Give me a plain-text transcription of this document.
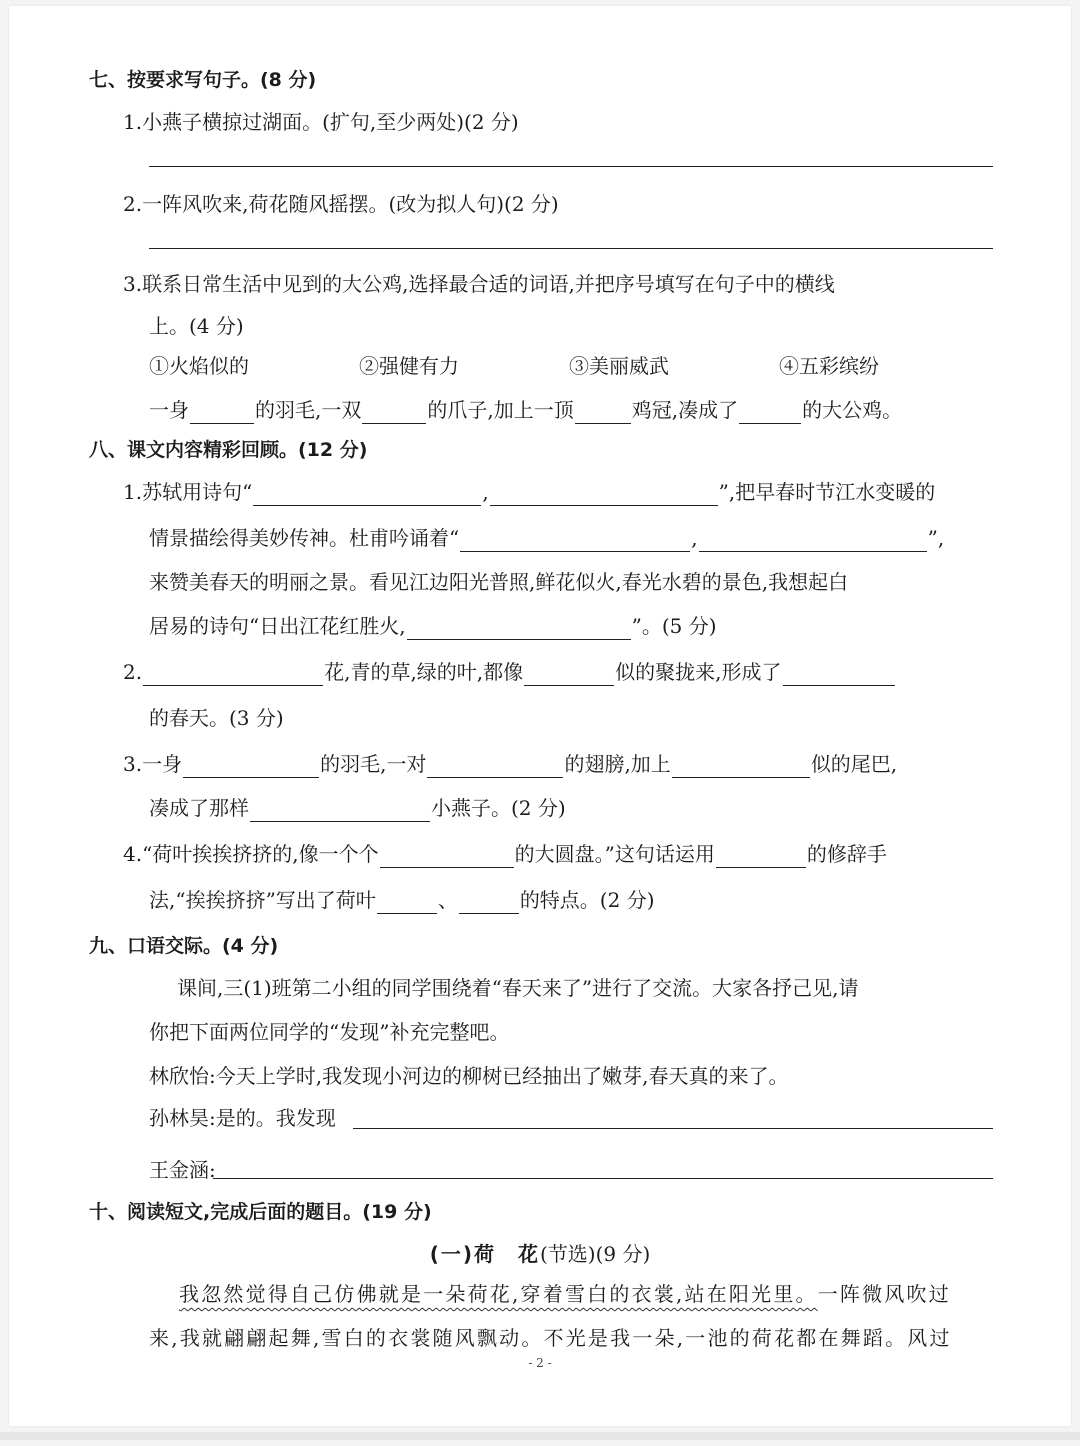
七、按要求写句子。(8 分)
1.小燕子横掠过湖面。(扩句,至少两处)(2 分)
2.一阵风吹来,荷花随风摇摆。(改为拟人句)(2 分)
3.联系日常生活中见到的大公鸡,选择最合适的词语,并把序号填写在句子中的横线
上。(4 分)
①火焰似的	②强健有力	③美丽威武	④五彩缤纷
一身	的羽毛,一双	的爪子,加上一顶	鸡冠,凑成了	的大公鸡。
八、课文内容精彩回顾。(12 分)
1.苏轼用诗句“	,	”,把早春时节江水变暖的
情景描绘得美妙传神。杜甫吟诵着“	,	”,
来赞美春天的明丽之景。看见江边阳光普照,鲜花似火,春光水碧的景色,我想起白
居易的诗句“日出江花红胜火,	”。(5 分)
2.	花,青的草,绿的叶,都像	似的聚拢来,形成了
的春天。(3 分)
3.一身	的羽毛,一对	的翅膀,加上	似的尾巴,
凑成了那样	小燕子。(2 分)
4.“荷叶挨挨挤挤的,像一个个	的大圆盘。”这句话运用	的修辞手
法,“挨挨挤挤”写出了荷叶	、	的特点。(2 分)
九、口语交际。(4 分)
课间,三(1)班第二小组的同学围绕着“春天来了”进行了交流。大家各抒己见,请
你把下面两位同学的“发现”补充完整吧。
林欣怡:今天上学时,我发现小河边的柳树已经抽出了嫩芽,春天真的来了。
孙林昊:是的。我发现
王金涵:
十、阅读短文,完成后面的题目。(19 分)
(一)荷　花(节选)(9 分)
我忽然觉得自己仿佛就是一朵荷花,穿着雪白的衣裳,站在阳光里。一阵微风吹过
来,我就翩翩起舞,雪白的衣裳随风飘动。不光是我一朵,一池的荷花都在舞蹈。风过
- 2 -
